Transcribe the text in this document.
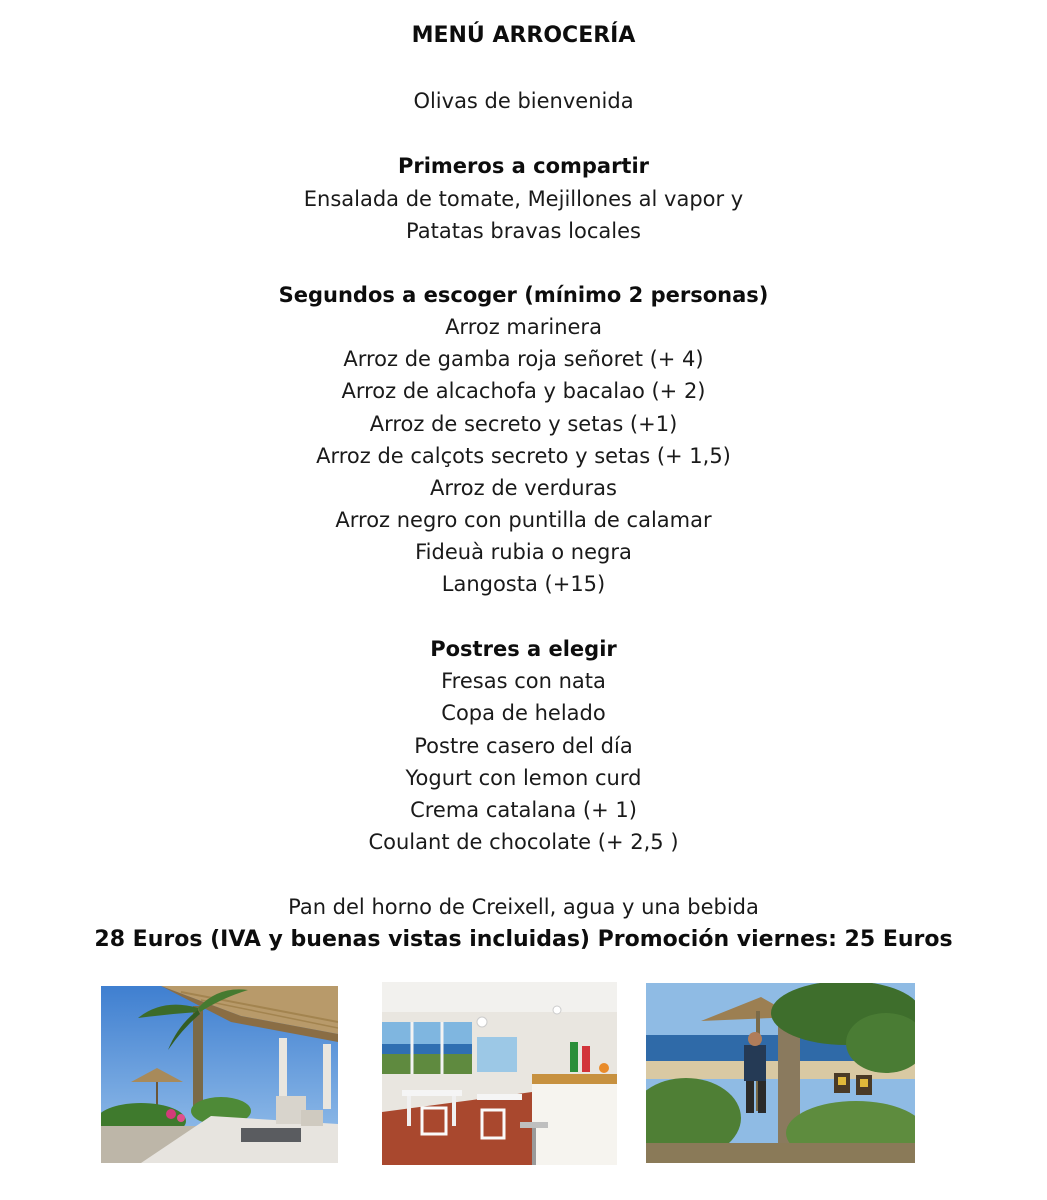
MENÚ ARROCERÍA
Olivas de bienvenida
Primeros a compartir
Ensalada de tomate, Mejillones al vapor y
Patatas bravas locales
Segundos a escoger (mínimo 2 personas)
Arroz marinera
Arroz de gamba roja señoret (+ 4)
Arroz de alcachofa y bacalao (+ 2)
Arroz de secreto y setas (+1)
Arroz de calçots secreto y setas (+ 1,5)
Arroz de verduras
Arroz negro con puntilla de calamar
Fideuà rubia o negra
Langosta (+15)
Postres a elegir
Fresas con nata
Copa de helado
Postre casero del día
Yogurt con lemon curd
Crema catalana (+ 1)
Coulant de chocolate (+ 2,5 )
Pan del horno de Creixell, agua y una bebida
28 Euros (IVA y buenas vistas incluidas) Promoción viernes: 25 Euros
